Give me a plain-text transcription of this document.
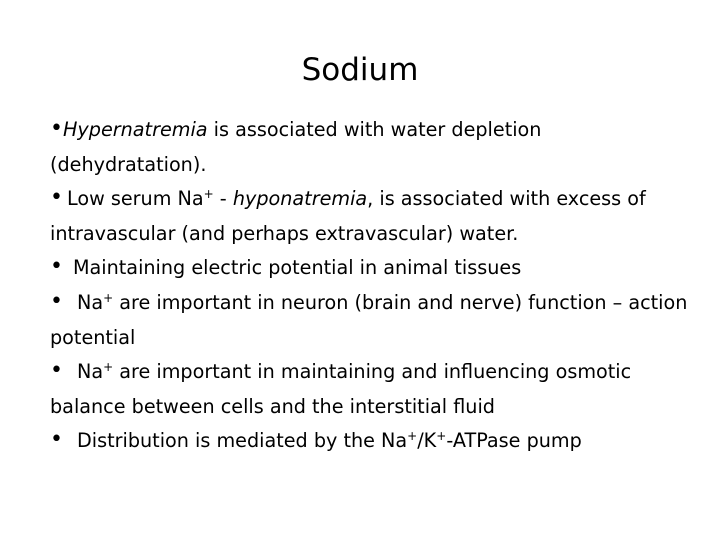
Sodium

•Hypernatremia is associated with water depletion (dehydratation).

• Low serum Na+ - hyponatremia, is associated with excess of intravascular (and perhaps extravascular) water.

• Maintaining electric potential in animal tissues

• Na+ are important in neuron (brain and nerve) function – action potential

• Na+ are important in maintaining and influencing osmotic balance between cells and the interstitial fluid

• Distribution is mediated by the Na+/K+-ATPase pump
